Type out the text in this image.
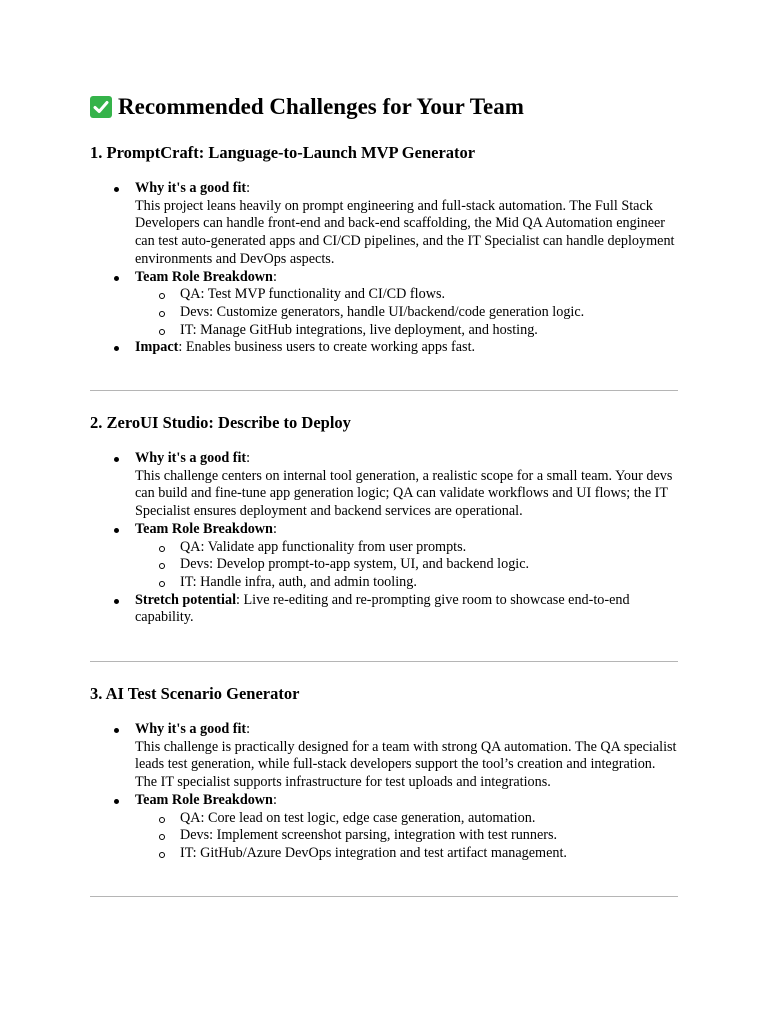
Recommended Challenges for Your Team
1. PromptCraft: Language-to-Launch MVP Generator
Why it's a good fit:
This project leans heavily on prompt engineering and full-stack automation. The Full Stack Developers can handle front-end and back-end scaffolding, the Mid QA Automation engineer can test auto-generated apps and CI/CD pipelines, and the IT Specialist can handle deployment environments and DevOps aspects.
Team Role Breakdown:
QA: Test MVP functionality and CI/CD flows.
Devs: Customize generators, handle UI/backend/code generation logic.
IT: Manage GitHub integrations, live deployment, and hosting.
Impact: Enables business users to create working apps fast.
2. ZeroUI Studio: Describe to Deploy
Why it's a good fit:
This challenge centers on internal tool generation, a realistic scope for a small team. Your devs can build and fine-tune app generation logic; QA can validate workflows and UI flows; the IT Specialist ensures deployment and backend services are operational.
Team Role Breakdown:
QA: Validate app functionality from user prompts.
Devs: Develop prompt-to-app system, UI, and backend logic.
IT: Handle infra, auth, and admin tooling.
Stretch potential: Live re-editing and re-prompting give room to showcase end-to-end capability.
3. AI Test Scenario Generator
Why it's a good fit:
This challenge is practically designed for a team with strong QA automation. The QA specialist leads test generation, while full-stack developers support the tool’s creation and integration. The IT specialist supports infrastructure for test uploads and integrations.
Team Role Breakdown:
QA: Core lead on test logic, edge case generation, automation.
Devs: Implement screenshot parsing, integration with test runners.
IT: GitHub/Azure DevOps integration and test artifact management.
